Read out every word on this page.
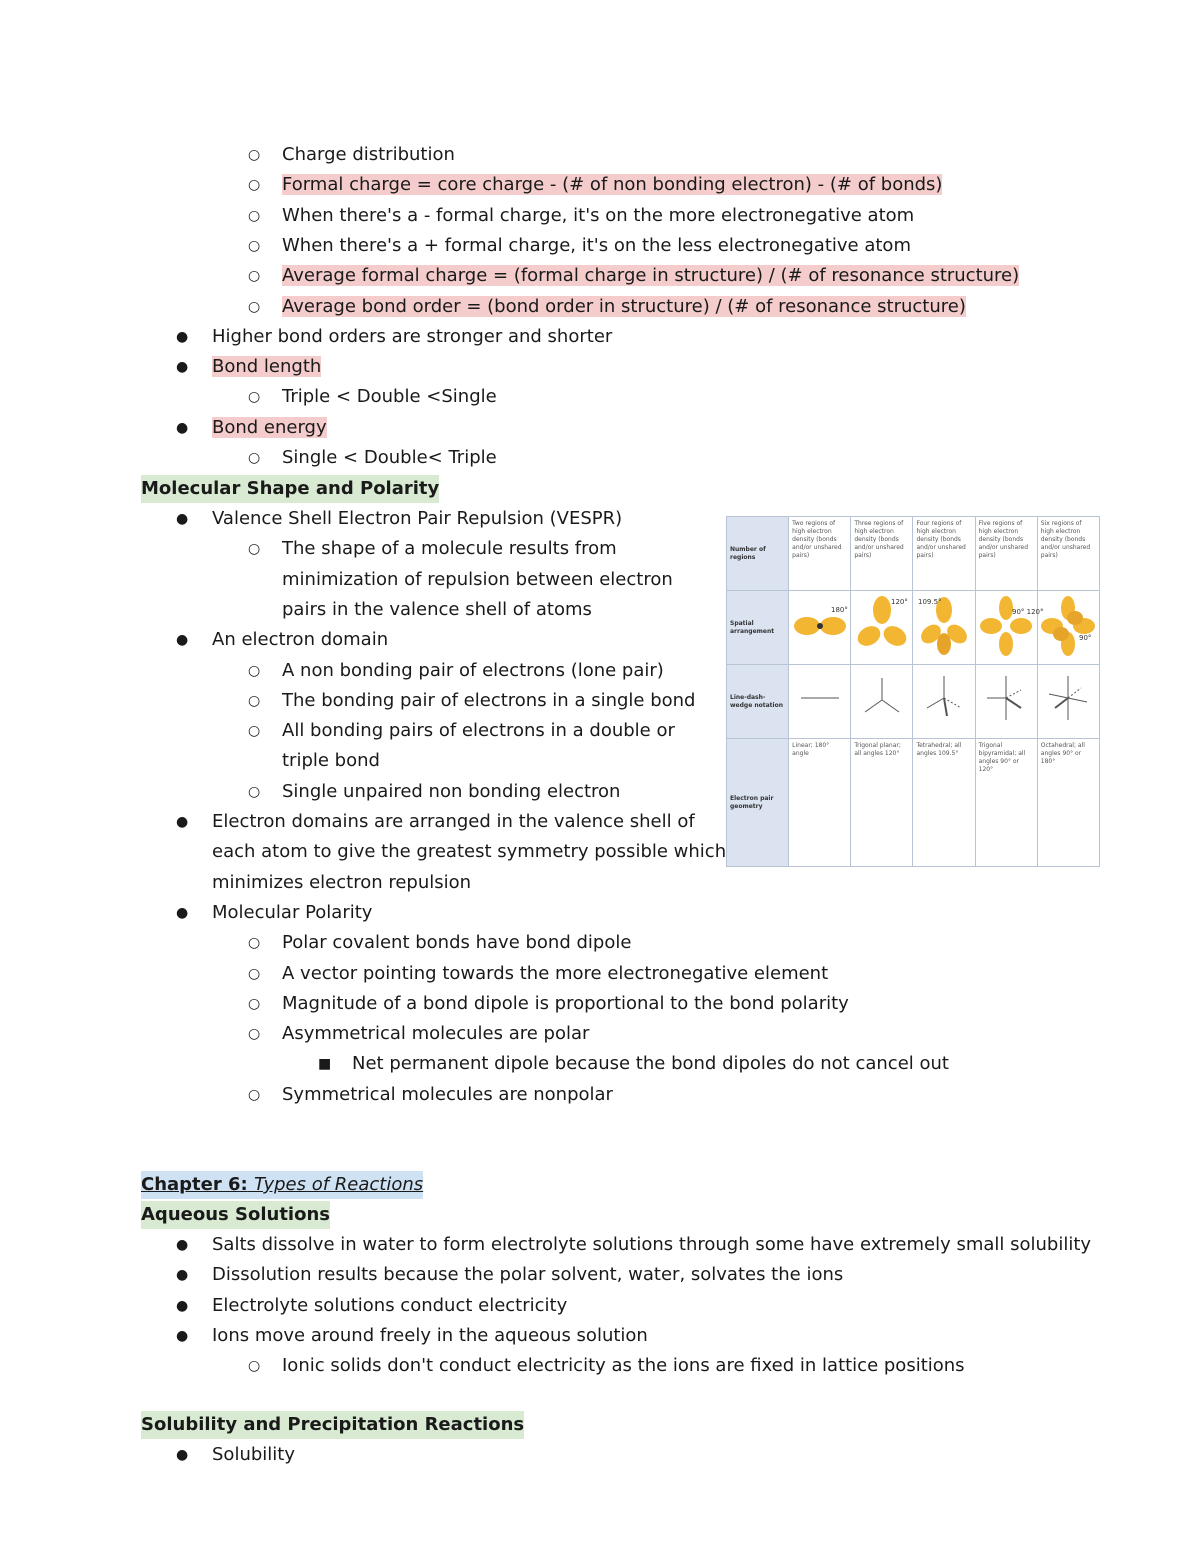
○ Charge distribution
○ Formal charge = core charge - (# of non bonding electron) - (# of bonds)
○ When there's a - formal charge, it's on the more electronegative atom
○ When there's a + formal charge, it's on the less electronegative atom
○ Average formal charge = (formal charge in structure) / (# of resonance structure)
○ Average bond order = (bond order in structure) / (# of resonance structure)
● Higher bond orders are stronger and shorter
● Bond length
○ Triple < Double <Single
● Bond energy
○ Single < Double< Triple
Molecular Shape and Polarity
● Valence Shell Electron Pair Repulsion (VESPR)
○ The shape of a molecule results from
minimization of repulsion between electron
pairs in the valence shell of atoms
● An electron domain
○ A non bonding pair of electrons (lone pair)
○ The bonding pair of electrons in a single bond
○ All bonding pairs of electrons in a double or
triple bond
○ Single unpaired non bonding electron
● Electron domains are arranged in the valence shell of
each atom to give the greatest symmetry possible which
minimizes electron repulsion
● Molecular Polarity
○ Polar covalent bonds have bond dipole
○ A vector pointing towards the more electronegative element
○ Magnitude of a bond dipole is proportional to the bond polarity
○ Asymmetrical molecules are polar
■ Net permanent dipole because the bond dipoles do not cancel out
○ Symmetrical molecules are nonpolar
Number of regions	Two regions of high electron density (bonds and/or unshared pairs)	Three regions of high electron density (bonds and/or unshared pairs)	Four regions of high electron density (bonds and/or unshared pairs)	Five regions of high electron density (bonds and/or unshared pairs)	Six regions of high electron density (bonds and/or unshared pairs)
Spatial arrangement	180°	120°	109.5°	90° 120°	90°

Line-dash-wedge notation	

Electron pair geometry	Linear; 180° angle	Trigonal planar; all angles 120°	Tetrahedral; all angles 109.5°	Trigonal bipyramidal; all angles 90° or 120°	Octahedral; all angles 90° or 180°
Chapter 6: Types of Reactions
Aqueous Solutions
● Salts dissolve in water to form electrolyte solutions through some have extremely small solubility
● Dissolution results because the polar solvent, water, solvates the ions
● Electrolyte solutions conduct electricity
● Ions move around freely in the aqueous solution
○ Ionic solids don't conduct electricity as the ions are fixed in lattice positions
Solubility and Precipitation Reactions
● Solubility
